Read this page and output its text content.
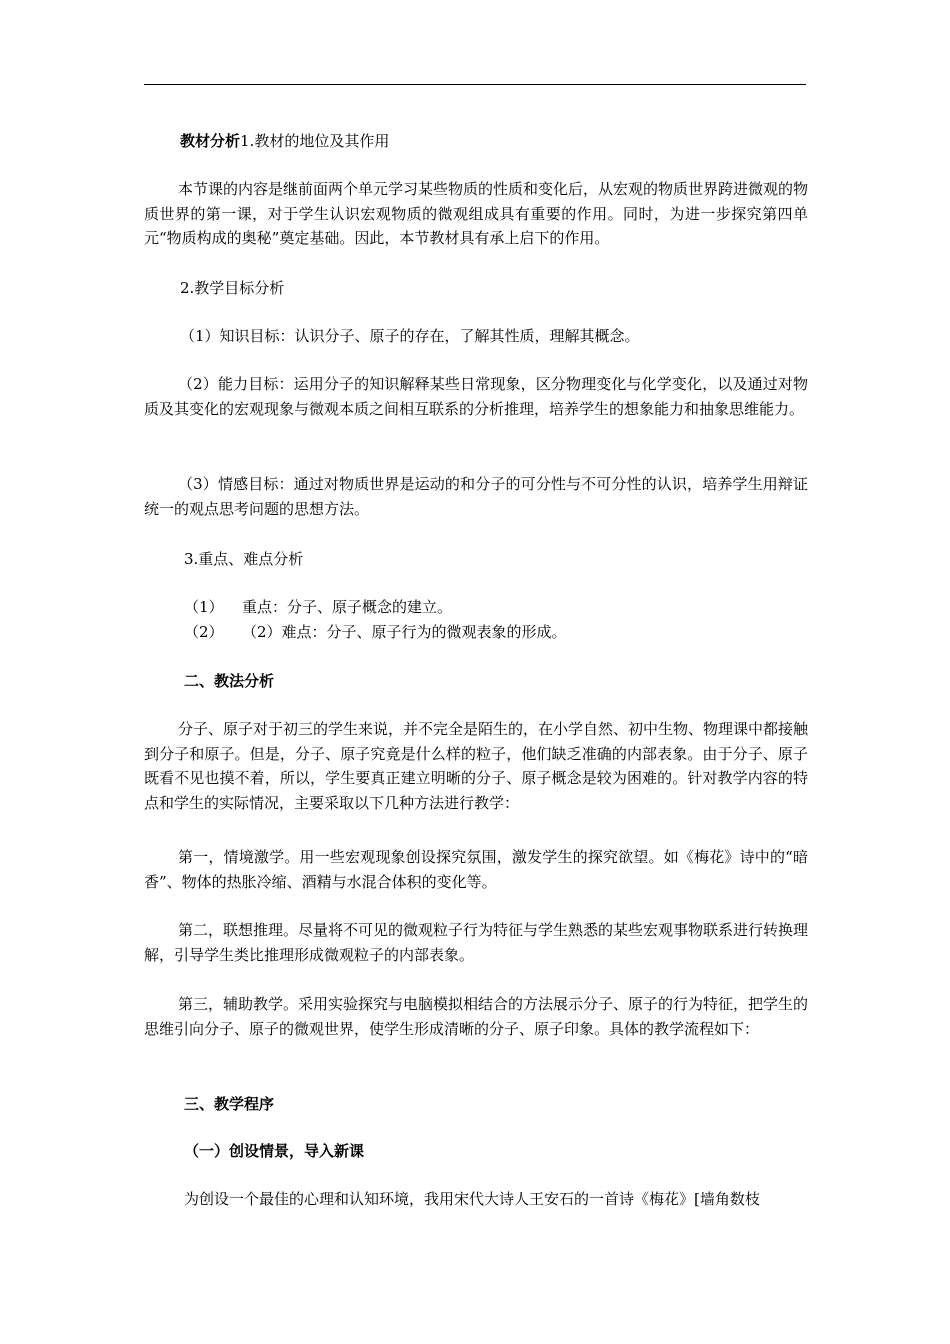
教材分析1.教材的地位及其作用

本节课的内容是继前面两个单元学习某些物质的性质和变化后，从宏观的物质世界跨进微观的物质世界的第一课，对于学生认识宏观物质的微观组成具有重要的作用。同时，为进一步探究第四单元“物质构成的奥秘”奠定基础。因此，本节教材具有承上启下的作用。

2.教学目标分析
（1）知识目标：认识分子、原子的存在，了解其性质，理解其概念。

（2）能力目标：运用分子的知识解释某些日常现象，区分物理变化与化学变化，以及通过对物质及其变化的宏观现象与微观本质之间相互联系的分析推理，培养学生的想象能力和抽象思维能力。

（3）情感目标：通过对物质世界是运动的和分子的可分性与不可分性的认识，培养学生用辩证统一的观点思考问题的思想方法。

3.重点、难点分析
（1） 重点：分子、原子概念的建立。
（2） （2）难点：分子、原子行为的微观表象的形成。
二、教法分析

分子、原子对于初三的学生来说，并不完全是陌生的，在小学自然、初中生物、物理课中都接触到分子和原子。但是，分子、原子究竟是什么样的粒子，他们缺乏准确的内部表象。由于分子、原子既看不见也摸不着，所以，学生要真正建立明晰的分子、原子概念是较为困难的。针对教学内容的特点和学生的实际情况，主要采取以下几种方法进行教学：

第一，情境激学。用一些宏观现象创设探究氛围，激发学生的探究欲望。如《梅花》诗中的“暗香”、物体的热胀冷缩、酒精与水混合体积的变化等。

第二，联想推理。尽量将不可见的微观粒子行为特征与学生熟悉的某些宏观事物联系进行转换理解，引导学生类比推理形成微观粒子的内部表象。

第三，辅助教学。采用实验探究与电脑模拟相结合的方法展示分子、原子的行为特征，把学生的思维引向分子、原子的微观世界，使学生形成清晰的分子、原子印象。具体的教学流程如下：

三、教学程序
（一）创设情景，导入新课
为创设一个最佳的心理和认知环境，我用宋代大诗人王安石的一首诗《梅花》[墙角数枝
